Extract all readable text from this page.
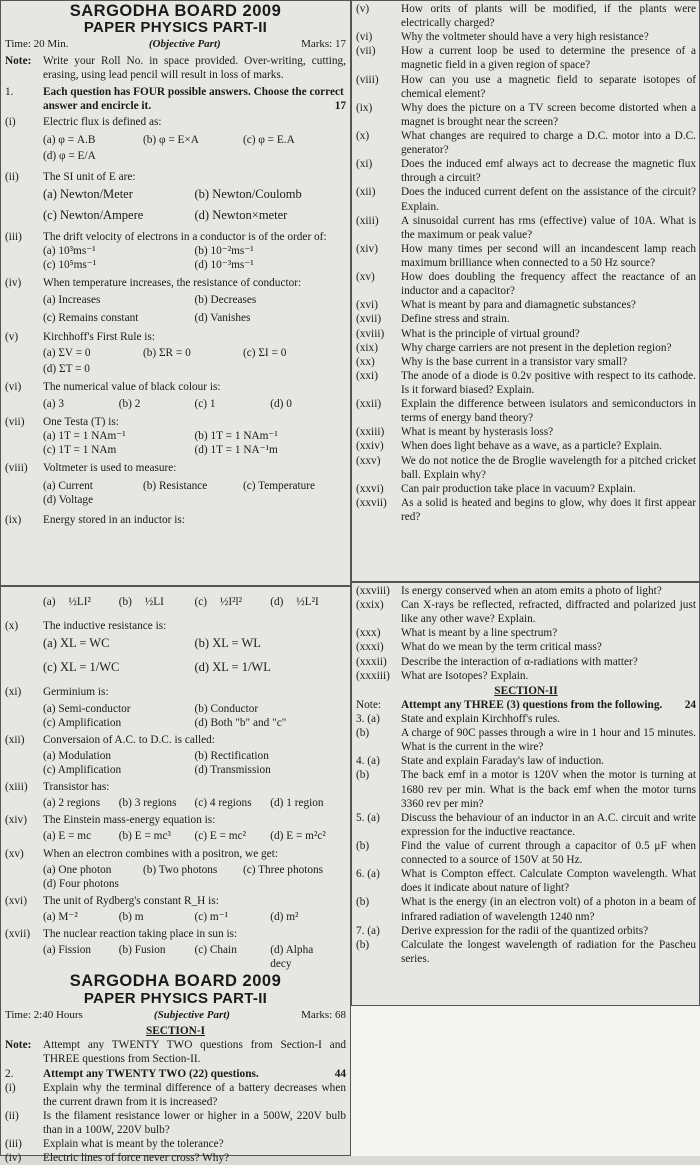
SARGODHA BOARD 2009
PAPER PHYSICS PART-II
Time: 20 Min.	(Objective Part)	Marks: 17
Note:	Write your Roll No. in space provided. Over-writing, cutting, erasing, using lead pencil will result in loss of marks.
1.	Each question has FOUR possible answers. Choose the correct answer and encircle it.	17
(i)	Electric flux is defined as:
(a) φ = A.B	(b) φ = E×A	(c) φ = E.A
(d) φ = E/A
(ii)	The SI unit of E are:
(a) Newton/Meter	(b) Newton/Coulomb
(c) Newton/Ampere	(d) Newton×meter
(iii)	The drift velocity of electrons in a conductor is of the order of:
(a) 10³ms⁻¹	(b) 10⁻²ms⁻¹
(c) 10⁵ms⁻¹	(d) 10⁻³ms⁻¹
(iv)	When temperature increases, the resistance of conductor:
(a) Increases	(b) Decreases
(c) Remains constant	(d) Vanishes
(v)	Kirchhoff's First Rule is:
(a) ΣV = 0	(b) ΣR = 0	(c) ΣI = 0
(d) ΣT = 0
(vi)	The numerical value of black colour is:
(a) 3	(b) 2	(c) 1	(d) 0
(vii)	One Testa (T) is:
(a) 1T = 1 NAm⁻¹	(b) 1T = 1 NAm⁻¹
(c) 1T = 1 NAm	(d) 1T = 1 NA⁻¹m
(viii)	Voltmeter is used to measure:
(a) Current	(b) Resistance	(c) Temperature
(d) Voltage
(ix)	Energy stored in an inductor is:
(a) ½LI²	(b) ½LI	(c) ½I²l²	(d) ½L²I
(x)	The inductive resistance is:
(a) XL = WC	(b) XL = WL
(c) XL = 1/WC	(d) XL = 1/WL
(xi)	Germinium is:
(a) Semi-conductor	(b) Conductor
(c) Amplification	(d) Both "b" and "c"
(xii)	Conversaion of A.C. to D.C. is called:
(a) Modulation	(b) Rectification
(c) Amplification	(d) Transmission
(xiii)	Transistor has:
(a) 2 regions	(b) 3 regions	(c) 4 regions	(d) 1 region
(xiv)	The Einstein mass-energy equation is:
(a) E = mc	(b) E = mc³	(c) E = mc²	(d) E = m²c²
(xv)	When an electron combines with a positron, we get:
(a) One photon	(b) Two photons	(c) Three photons
(d) Four photons
(xvi)	The unit of Rydberg's constant R_H is:
(a) M⁻²	(b) m	(c) m⁻¹	(d) m²
(xvii)	The nuclear reaction taking place in sun is:
(a) Fission	(b) Fusion	(c) Chain	(d) Alpha decy
SARGODHA BOARD 2009
PAPER PHYSICS PART-II
Time: 2:40 Hours	(Subjective Part)	Marks: 68
SECTION-I
Note:	Attempt any TWENTY TWO questions from Section-I and THREE questions from Section-II.
2.	Attempt any TWENTY TWO (22) questions.	44
(i)	Explain why the terminal difference of a battery decreases when the current drawn from it is increased?
(ii)	Is the filament resistance lower or higher in a 500W, 220V bulb than in a 100W, 220V bulb?
(iii)	Explain what is meant by the tolerance?
(iv)	Electric lines of force never cross? Why?
(v)	How orits of plants will be modified, if the plants were electrically charged?
(vi)	Why the voltmeter should have a very high resistance?
(vii)	How a current loop be used to determine the presence of a magnetic field in a given region of space?
(viii)	How can you use a magnetic field to separate isotopes of chemical element?
(ix)	Why does the picture on a TV screen become distorted when a magnet is brought near the screen?
(x)	What changes are required to charge a D.C. motor into a D.C. generator?
(xi)	Does the induced emf always act to decrease the magnetic flux through a circuit?
(xii)	Does the induced current defent on the assistance of the circuit? Explain.
(xiii)	A sinusoidal current has rms (effective) value of 10A. What is the maximum or peak value?
(xiv)	How many times per second will an incandescent lamp reach maximum brilliance when connected to a 50 Hz source?
(xv)	How does doubling the frequency affect the reactance of an inductor and a capacitor?
(xvi)	What is meant by para and diamagnetic substances?
(xvii)	Define stress and strain.
(xviii)	What is the principle of virtual ground?
(xix)	Why charge carriers are not present in the depletion region?
(xx)	Why is the base current in a transistor vary small?
(xxi)	The anode of a diode is 0.2v positive with respect to its cathode. Is it forward biased? Explain.
(xxii)	Explain the difference between isulators and semiconductors in terms of energy band theory?
(xxiii)	What is meant by hysterasis loss?
(xxiv)	When does light behave as a wave, as a particle? Explain.
(xxv)	We do not notice the de Broglie wavelength for a pitched cricket ball. Explain why?
(xxvi)	Can pair production take place in vacuum? Explain.
(xxvii)	As a solid is heated and begins to glow, why does it first appear red?
(xxviii) Is energy conserved when an atom emits a photo of light?
(xxix)	Can X-rays be reflected, refracted, diffracted and polarized just like any other wave? Explain.
(xxx)	What is meant by a line spectrum?
(xxxi)	What do we mean by the term critical mass?
(xxxii)	Describe the interaction of α-radiations with matter?
(xxxiii) What are Isotopes? Explain.
SECTION-II
Note:	Attempt any THREE (3) questions from the following. 24
3. (a)	State and explain Kirchhoff's rules.
(b)	A charge of 90C passes through a wire in 1 hour and 15 minutes. What is the current in the wire?
4. (a)	State and explain Faraday's law of induction.
(b)	The back emf in a motor is 120V when the motor is turning at 1680 rev per min. What is the back emf when the motor turns 3360 rev per min?
5. (a)	Discuss the behaviour of an inductor in an A.C. circuit and write expression for the inductive reactance.
(b)	Find the value of current through a capacitor of 0.5 μF when connected to a source of 150V at 50 Hz.
6. (a)	What is Compton effect. Calculate Compton wavelength. What does it indicate about nature of light?
(b)	What is the energy (in an electron volt) of a photon in a beam of infrared radiation of wavelength 1240 nm?
7. (a)	Derive expression for the radii of the quantized orbits?
(b)	Calculate the longest wavelength of radiation for the Pascheu series.
